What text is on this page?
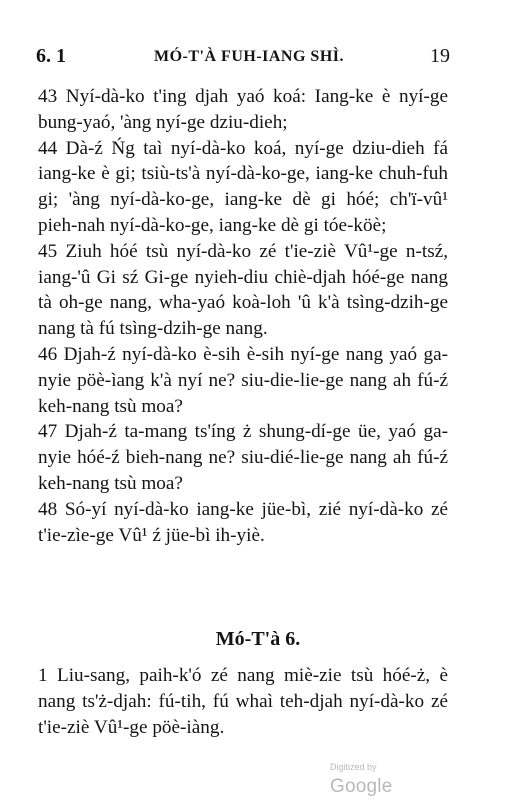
6. 1	MÓ-T'À FUH-IANG SHÌ.	19

43 Nyí-dà-ko t'ing djah yaó koá: Iang-ke è nyí-ge bung-yaó, 'àng nyí-ge dziu-dieh;

44 Dà-ź Ńg taì nyí-dà-ko koá, nyí-ge dziu-dieh fá iang-ke è gi; tsiù-ts'à nyí-dà-ko-ge, iang-ke chuh-fuh gi; 'àng nyí-dà-ko-ge, iang-ke dè gi hóé; ch'ï-vû¹ pieh-nah nyí-dà-ko-ge, iang-ke dè gi tóe-köè;

45 Ziuh hóé tsù nyí-dà-ko zé t'ie-ziè Vû¹-ge n-tsź, iang-'û Gi sź Gi-ge nyieh-diu chiè-djah hóé-ge nang tà oh-ge nang, wha-yaó koà-loh 'û k'à tsìng-dzih-ge nang tà fú tsìng-dzih-ge nang.

46 Djah-ź nyí-dà-ko è-sih è-sih nyí-ge nang yaó ga-nyie pöè-ìang k'à nyí ne? siu-die-lie-ge nang ah fú-ź keh-nang tsù moa?

47 Djah-ź ta-mang ts'íng ż shung-dí-ge üe, yaó ga-nyie hóé-ź bieh-nang ne? siu-dié-lie-ge nang ah fú-ź keh-nang tsù moa?

48 Só-yí nyí-dà-ko iang-ke jüe-bì, zié nyí-dà-ko zé t'ie-zìe-ge Vû¹ ź jüe-bì ih-yiè.

Mó-T'à 6.

1 Liu-sang, paih-k'ó zé nang miè-zie tsù hóé-ż, è nang ts'ż-djah: fú-tih, fú whaì teh-djah nyí-dà-ko zé t'ie-ziè Vû¹-ge pöè-iàng.

Digitized by Google
